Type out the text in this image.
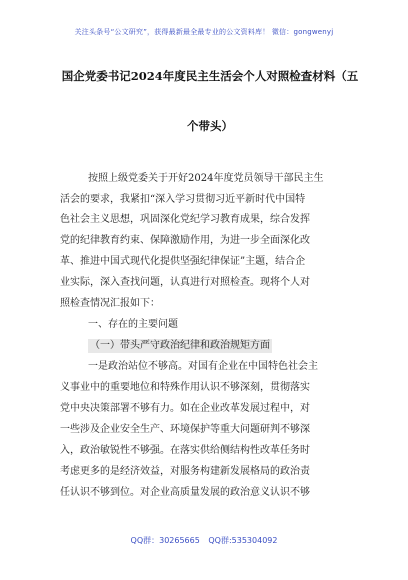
关注头条号“公文研究”，获得最新最全最专业的公文资料库！ 微信：gongwenyj
国企党委书记2024年度民主生活会个人对照检查材料（五
个带头）
按照上级党委关于开好2024年度党员领导干部民主生
活会的要求，我紧扣“深入学习贯彻习近平新时代中国特
色社会主义思想，巩固深化党纪学习教育成果，综合发挥
党的纪律教育约束、保障激励作用，为进一步全面深化改
革、推进中国式现代化提供坚强纪律保证”主题，结合企
业实际，深入查找问题，认真进行对照检查。现将个人对
照检查情况汇报如下：
一、存在的主要问题
（一）带头严守政治纪律和政治规矩方面
一是政治站位不够高。对国有企业在中国特色社会主
义事业中的重要地位和特殊作用认识不够深刻，贯彻落实
党中央决策部署不够有力。如在企业改革发展过程中，对
一些涉及企业安全生产、环境保护等重大问题研判不够深
入，政治敏锐性不够强。在落实供给侧结构性改革任务时
考虑更多的是经济效益，对服务构建新发展格局的政治责
任认识不够到位。对企业高质量发展的政治意义认识不够
QQ群：30265665 QQ群:535304092
